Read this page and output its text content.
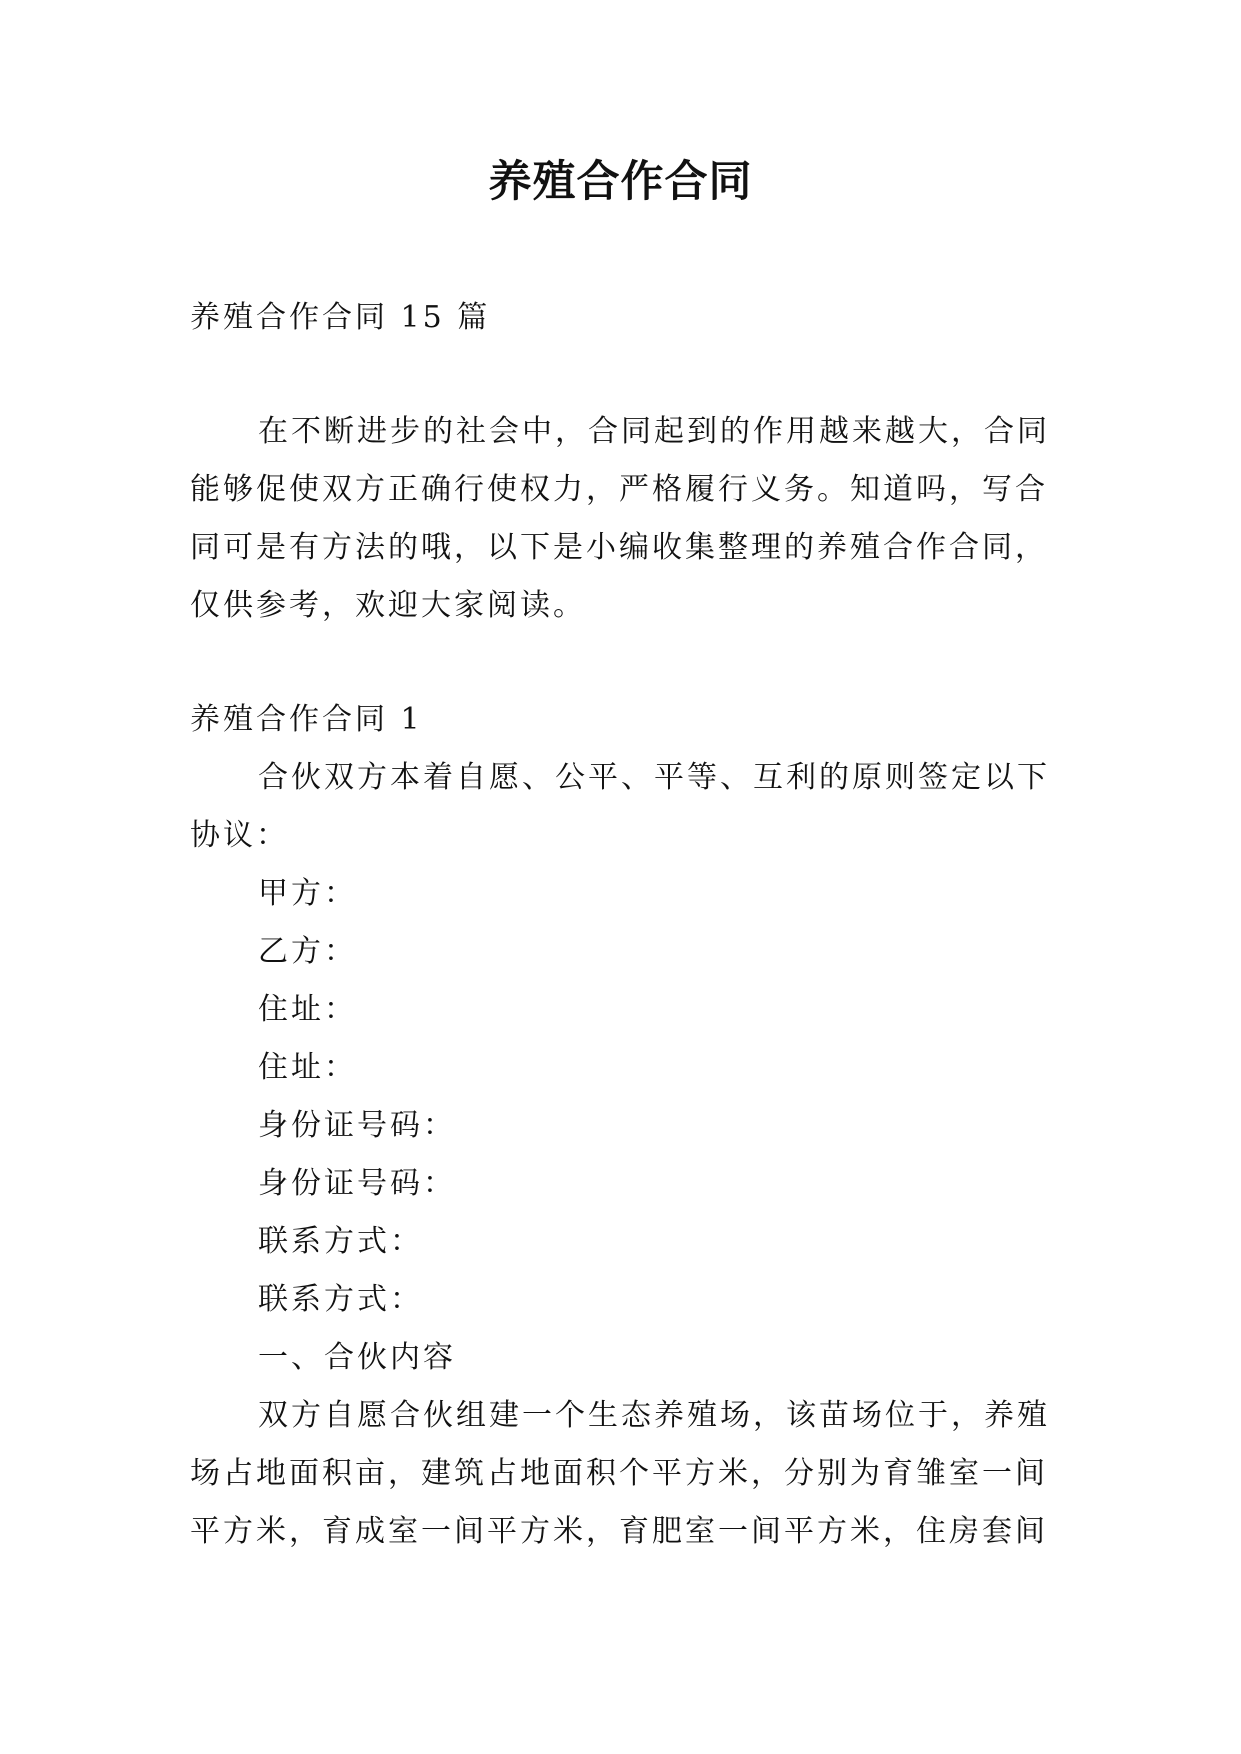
养殖合作合同
养殖合作合同 15 篇
在不断进步的社会中，合同起到的作用越来越大，合同
能够促使双方正确行使权力，严格履行义务。知道吗，写合
同可是有方法的哦，以下是小编收集整理的养殖合作合同，
仅供参考，欢迎大家阅读。
养殖合作合同 1
合伙双方本着自愿、公平、平等、互利的原则签定以下
协议：
甲方：
乙方：
住址：
住址：
身份证号码：
身份证号码：
联系方式：
联系方式：
一、合伙内容
双方自愿合伙组建一个生态养殖场，该苗场位于，养殖
场占地面积亩，建筑占地面积个平方米，分别为育雏室一间
平方米，育成室一间平方米，育肥室一间平方米，住房套间
